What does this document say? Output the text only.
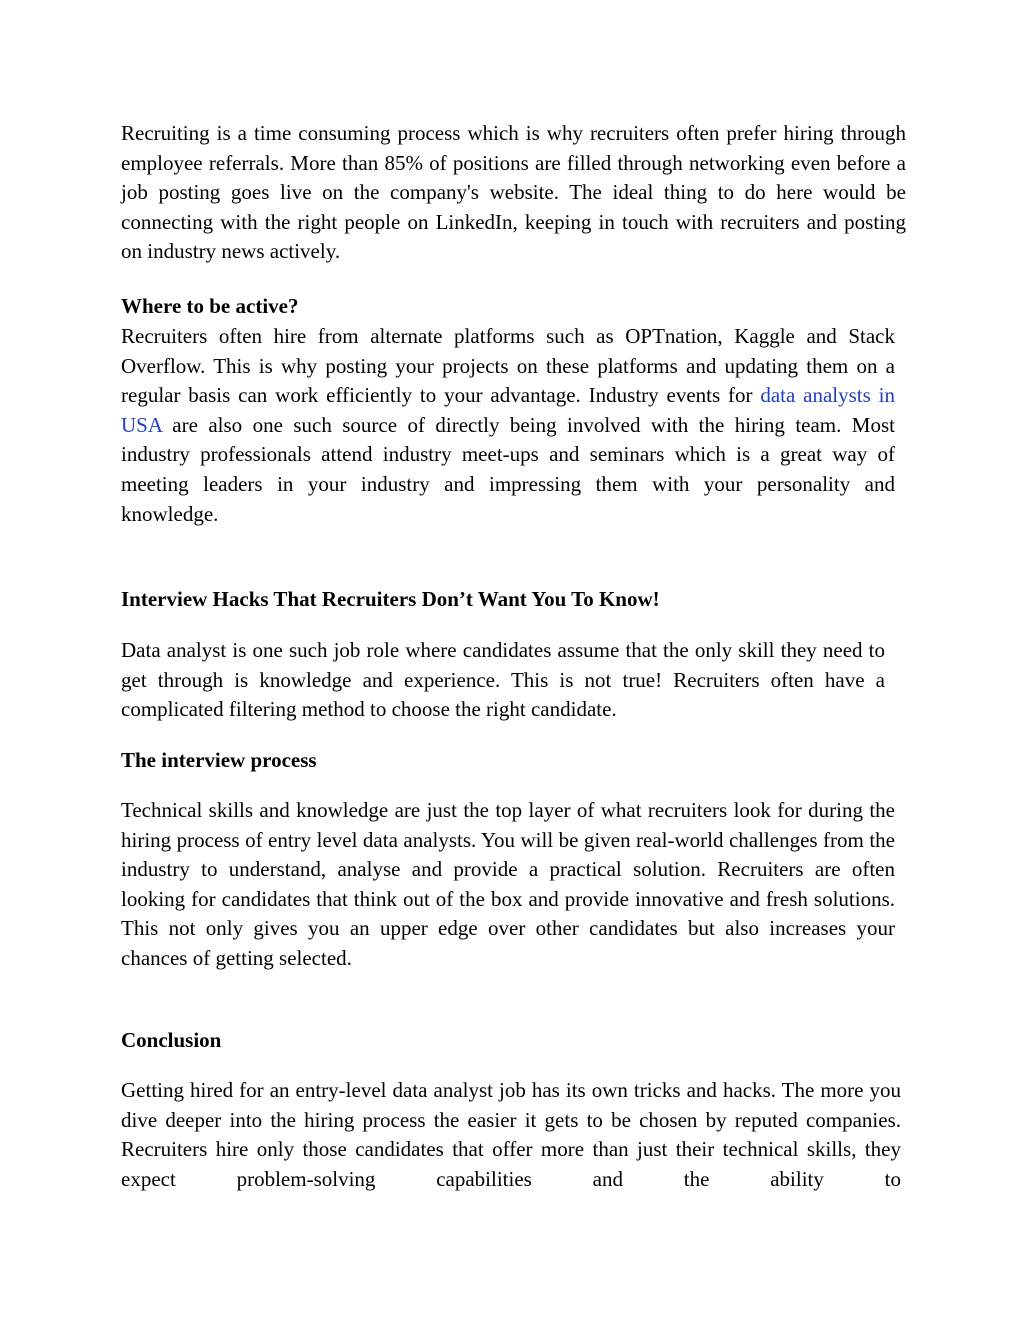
Recruiting is a time consuming process which is why recruiters often prefer hiring through employee referrals. More than 85% of positions are filled through networking even before a job posting goes live on the company's website. The ideal thing to do here would be connecting with the right people on LinkedIn, keeping in touch with recruiters and posting on industry news actively.

Where to be active?

Recruiters often hire from alternate platforms such as OPTnation, Kaggle and Stack Overflow. This is why posting your projects on these platforms and updating them on a regular basis can work efficiently to your advantage. Industry events for data analysts in USA are also one such source of directly being involved with the hiring team. Most industry professionals attend industry meet-ups and seminars which is a great way of meeting leaders in your industry and impressing them with your personality and knowledge.

Interview Hacks That Recruiters Don’t Want You To Know!

Data analyst is one such job role where candidates assume that the only skill they need to get through is knowledge and experience. This is not true! Recruiters often have a complicated filtering method to choose the right candidate.

The interview process

Technical skills and knowledge are just the top layer of what recruiters look for during the hiring process of entry level data analysts. You will be given real-world challenges from the industry to understand, analyse and provide a practical solution. Recruiters are often looking for candidates that think out of the box and provide innovative and fresh solutions. This not only gives you an upper edge over other candidates but also increases your chances of getting selected.

Conclusion

Getting hired for an entry-level data analyst job has its own tricks and hacks. The more you dive deeper into the hiring process the easier it gets to be chosen by reputed companies. Recruiters hire only those candidates that offer more than just their technical skills, they expect problem-solving capabilities and the ability to
